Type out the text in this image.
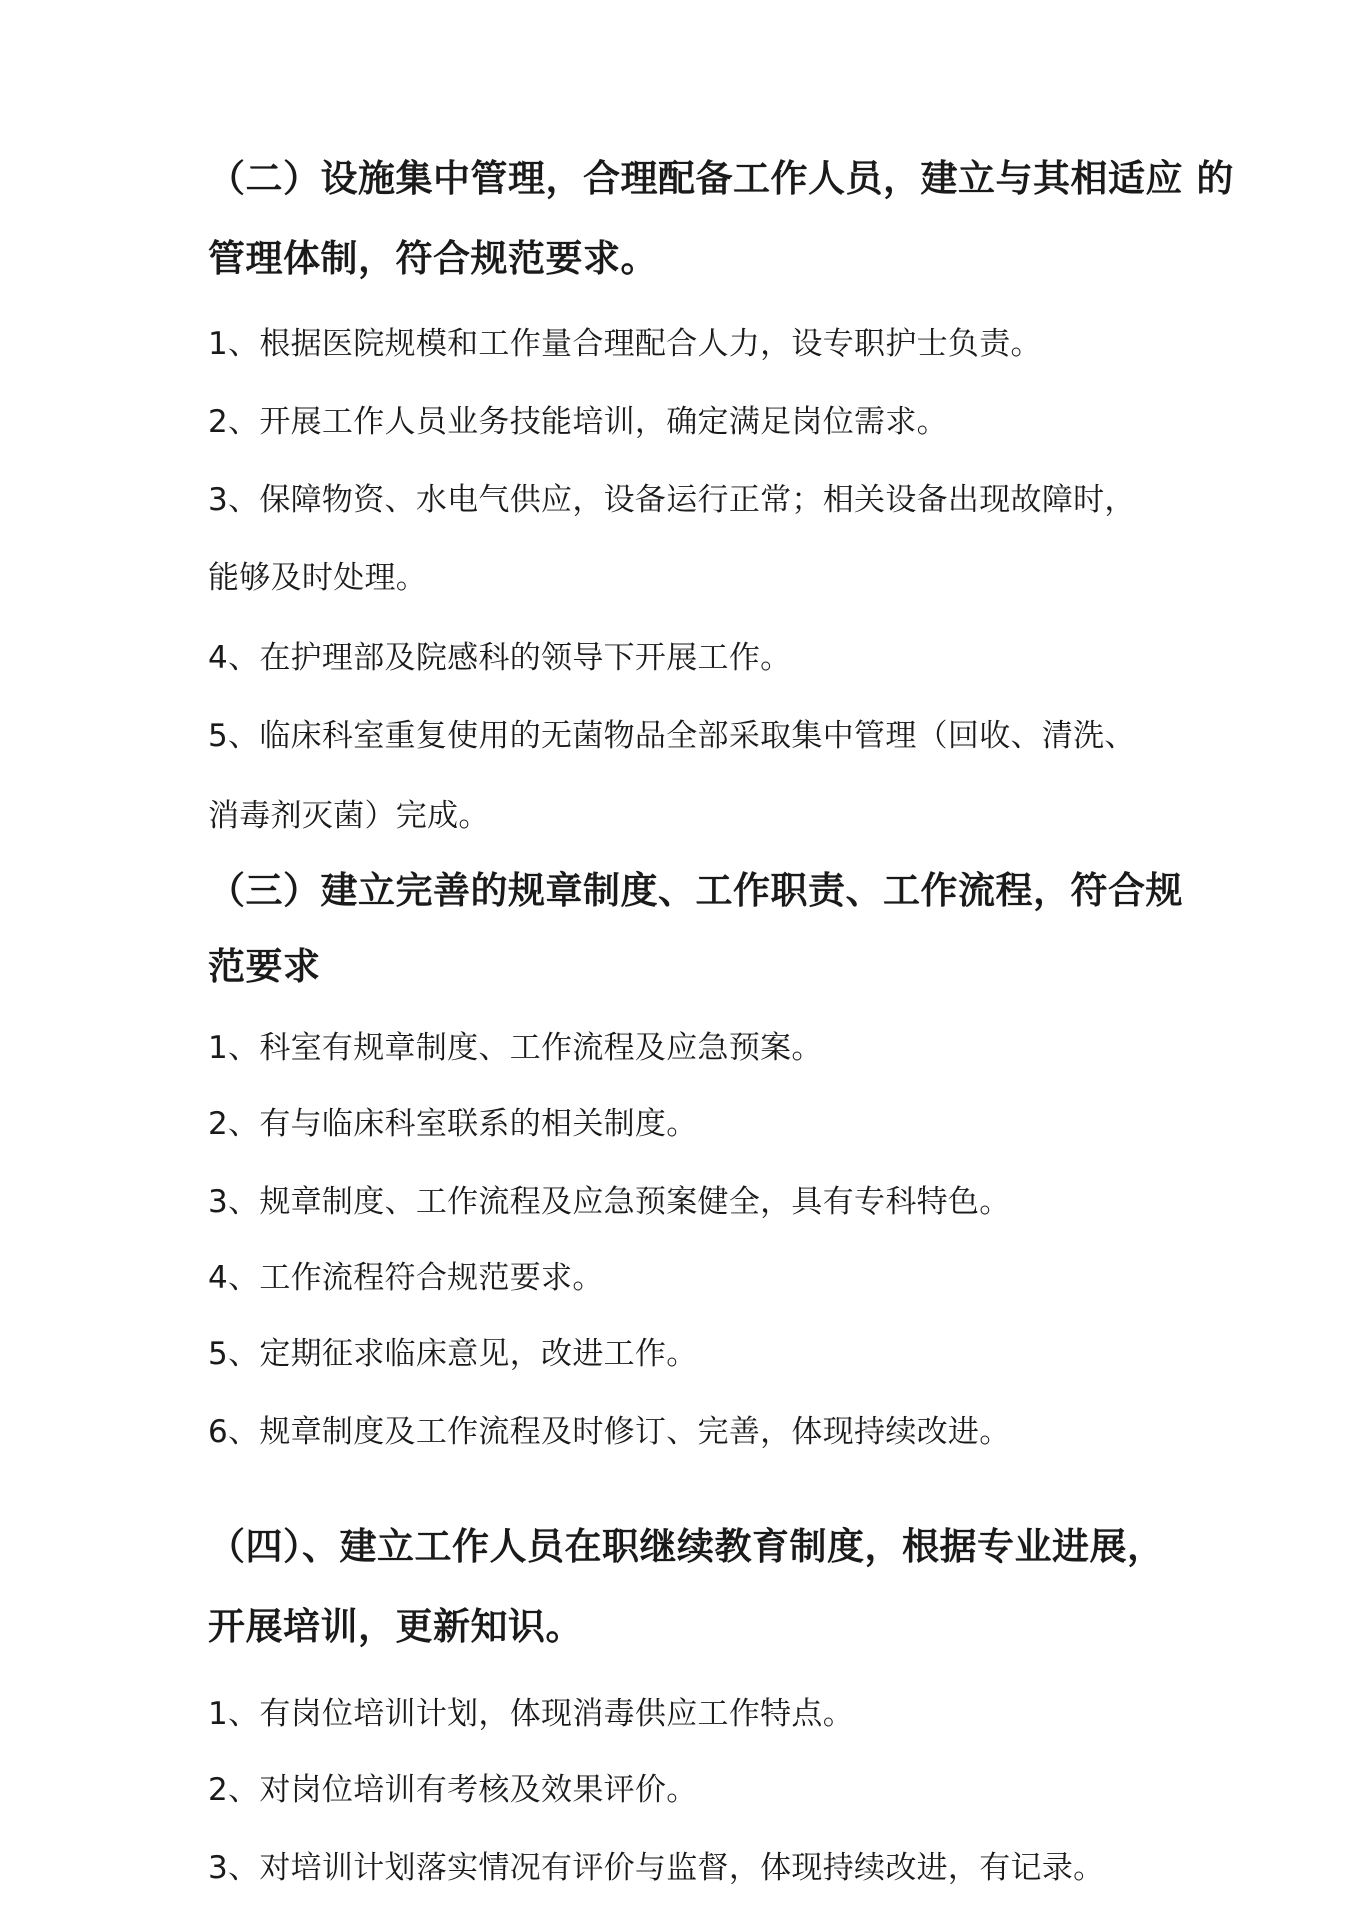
（二）设施集中管理，合理配备工作人员，建立与其相适应 的
管理体制，符合规范要求。
1、根据医院规模和工作量合理配合人力，设专职护士负责。
2、开展工作人员业务技能培训，确定满足岗位需求。
3、保障物资、水电气供应，设备运行正常；相关设备出现故障时，
能够及时处理。
4、在护理部及院感科的领导下开展工作。
5、临床科室重复使用的无菌物品全部采取集中管理（回收、清洗、
消毒剂灭菌）完成。
（三）建立完善的规章制度、工作职责、工作流程，符合规
范要求
1、科室有规章制度、工作流程及应急预案。
2、有与临床科室联系的相关制度。
3、规章制度、工作流程及应急预案健全，具有专科特色。
4、工作流程符合规范要求。
5、定期征求临床意见，改进工作。
6、规章制度及工作流程及时修订、完善，体现持续改进。
（四）、建立工作人员在职继续教育制度，根据专业进展，
开展培训，更新知识。
1、有岗位培训计划，体现消毒供应工作特点。
2、对岗位培训有考核及效果评价。
3、对培训计划落实情况有评价与监督，体现持续改进，有记录。
